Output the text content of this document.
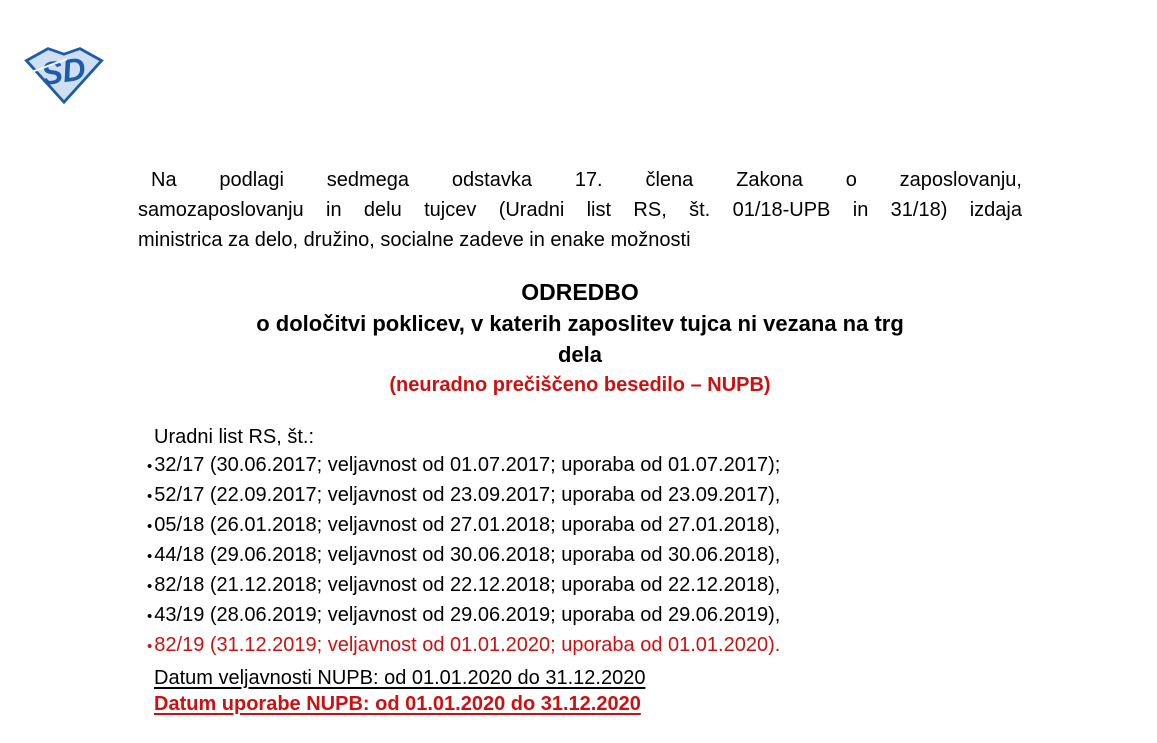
SD
Na podlagi sedmega odstavka 17. člena Zakona o zaposlovanju,
samozaposlovanju in delu tujcev (Uradni list RS, št. 01/18-UPB in 31/18) izdaja
ministrica za delo, družino, socialne zadeve in enake možnosti
ODREDBO
o določitvi poklicev, v katerih zaposlitev tujca ni vezana na trg
dela
(neuradno prečiščeno besedilo – NUPB)
Uradni list RS, št.:
• 32/17 (30.06.2017; veljavnost od 01.07.2017; uporaba od 01.07.2017);
• 52/17 (22.09.2017; veljavnost od 23.09.2017; uporaba od 23.09.2017),
• 05/18 (26.01.2018; veljavnost od 27.01.2018; uporaba od 27.01.2018),
• 44/18 (29.06.2018; veljavnost od 30.06.2018; uporaba od 30.06.2018),
• 82/18 (21.12.2018; veljavnost od 22.12.2018; uporaba od 22.12.2018),
• 43/19 (28.06.2019; veljavnost od 29.06.2019; uporaba od 29.06.2019),
• 82/19 (31.12.2019; veljavnost od 01.01.2020; uporaba od 01.01.2020).
Datum veljavnosti NUPB: od 01.01.2020 do 31.12.2020
Datum uporabe NUPB: od 01.01.2020 do 31.12.2020
